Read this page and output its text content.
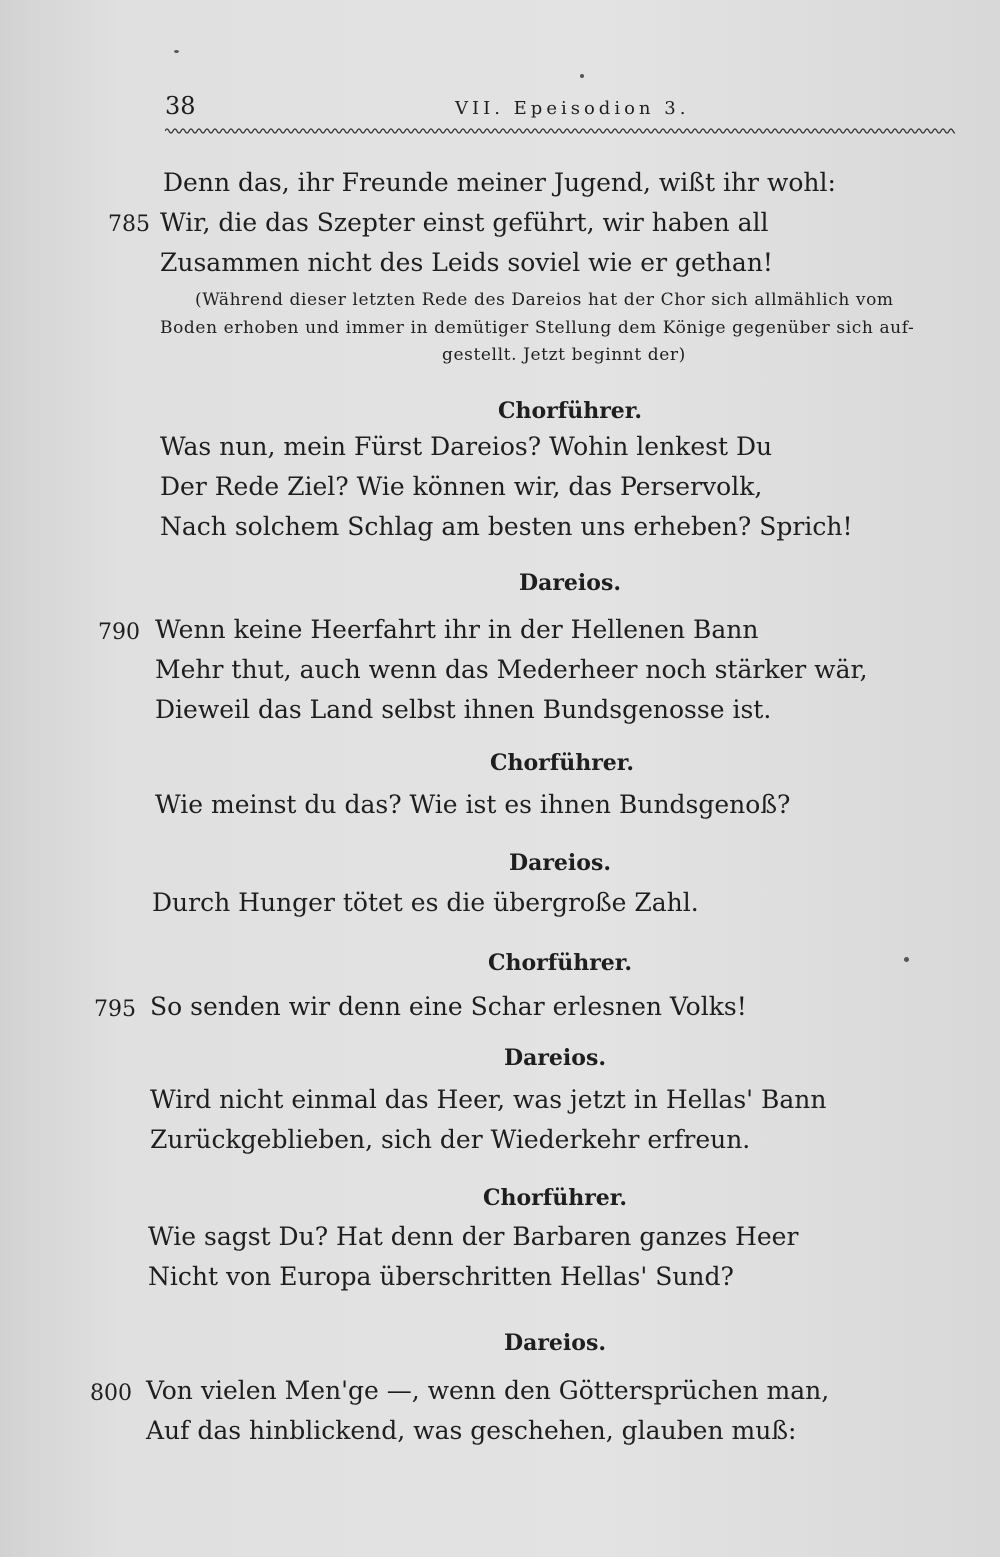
38	VII. Epeisodion 3.
Denn das, ihr Freunde meiner Jugend, wißt ihr wohl:
785 Wir, die das Szepter einst geführt, wir haben all
Zusammen nicht des Leids soviel wie er gethan!
(Während dieser letzten Rede des Dareios hat der Chor sich allmählich vom
Boden erhoben und immer in demütiger Stellung dem Könige gegenüber sich auf-
gestellt. Jetzt beginnt der)
Chorführer.
Was nun, mein Fürst Dareios? Wohin lenkest Du
Der Rede Ziel? Wie können wir, das Perservolk,
Nach solchem Schlag am besten uns erheben? Sprich!
Dareios.
790 Wenn keine Heerfahrt ihr in der Hellenen Bann
Mehr thut, auch wenn das Mederheer noch stärker wär,
Dieweil das Land selbst ihnen Bundsgenosse ist.
Chorführer.
Wie meinst du das? Wie ist es ihnen Bundsgenoß?
Dareios.
Durch Hunger tötet es die übergroße Zahl.
Chorführer.
795 So senden wir denn eine Schar erlesnen Volks!
Dareios.
Wird nicht einmal das Heer, was jetzt in Hellas' Bann
Zurückgeblieben, sich der Wiederkehr erfreun.
Chorführer.
Wie sagst Du? Hat denn der Barbaren ganzes Heer
Nicht von Europa überschritten Hellas' Sund?
Dareios.
800 Von vielen Men'ge —, wenn den Göttersprüchen man,
Auf das hinblickend, was geschehen, glauben muß:
